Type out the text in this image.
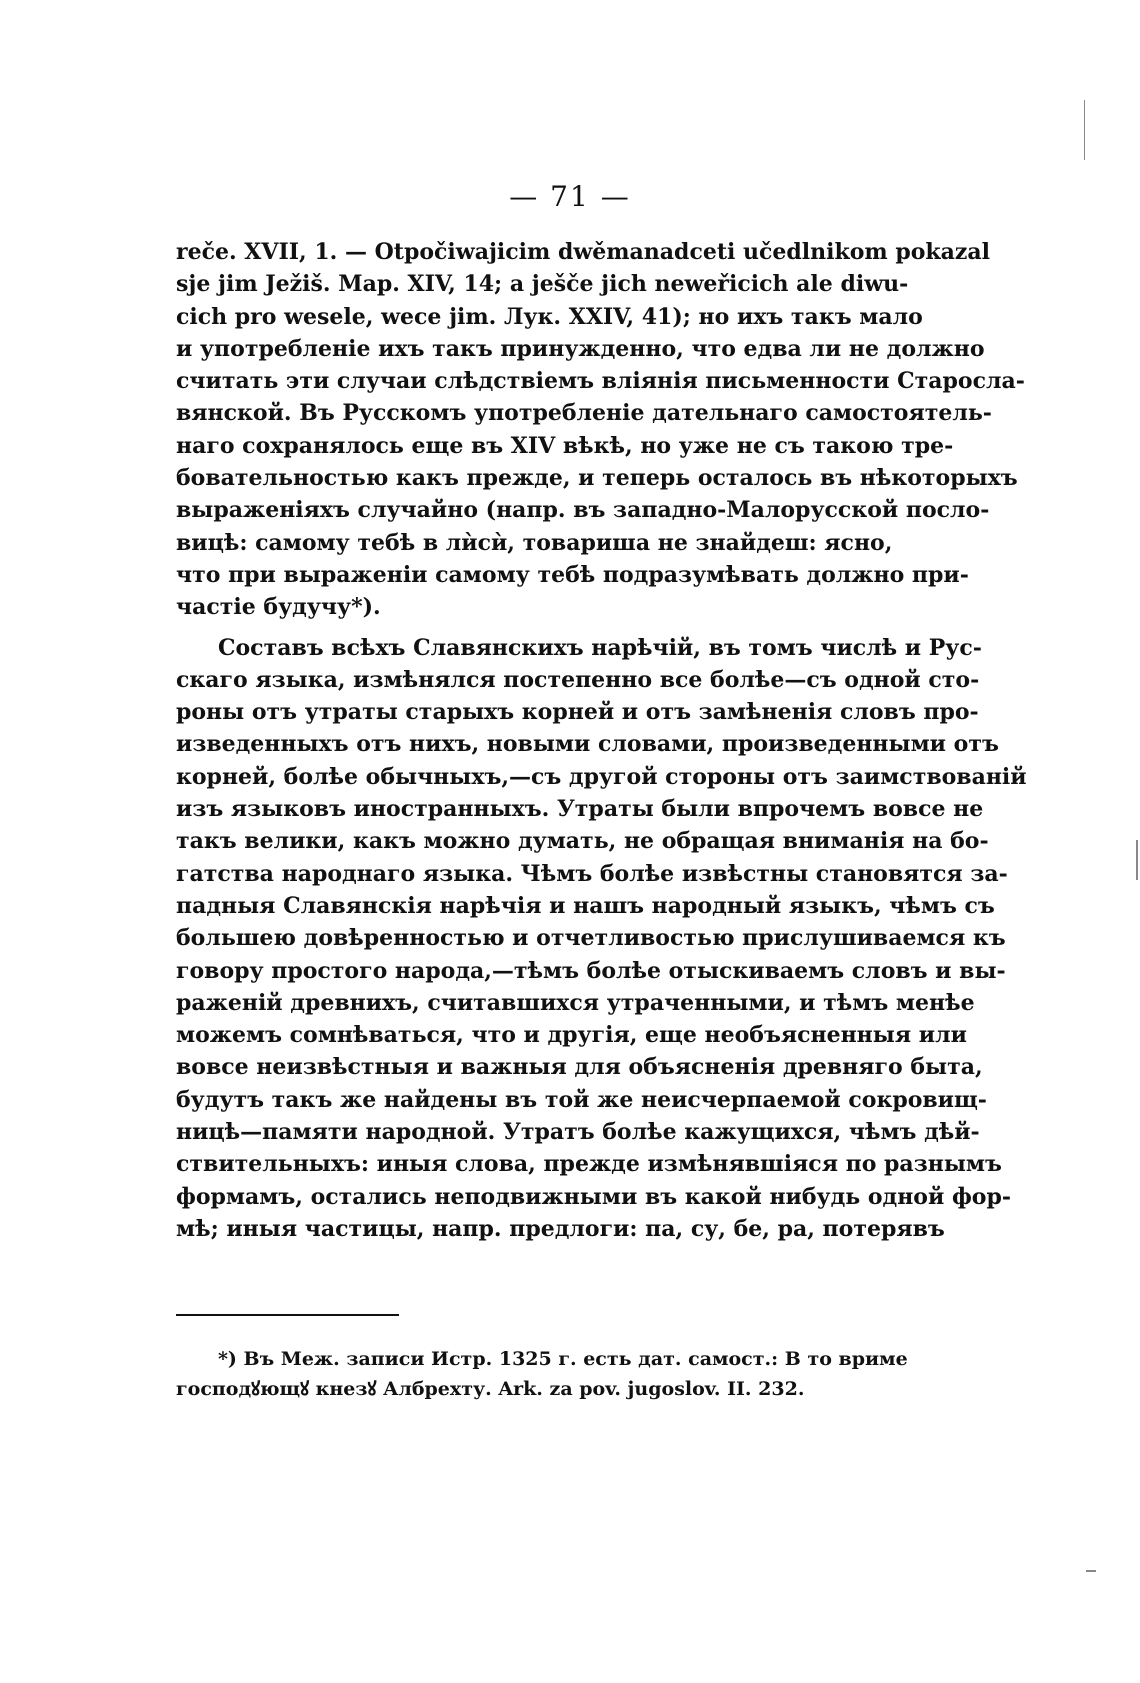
— 71 —
reče. XVII, 1. — Otpočiwajicim dwěmanadceti učedlnikom pokazal
sje jim Ježiš. Мар. XIV, 14; a ješče jich neweřicich ale diwu-
cich pro wesele, wece jim. Лук. XXIV, 41); но ихъ такъ мало
и употребленіе ихъ такъ принужденно, что едва ли не должно
считать эти случаи слѣдствіемъ вліянія письменности Старосла-
вянской. Въ Русскомъ употребленіе дательнаго самостоятель-
наго сохранялось еще въ XIV вѣкѣ, но уже не съ такою тре-
бовательностью какъ прежде, и теперь осталось въ нѣкоторыхъ
выраженіяхъ случайно (напр. въ западно-Малорусской посло-
вицѣ: самому тебѣ в лѝсѝ, товариша не знайдеш: ясно,
что при выраженіи самому тебѣ подразумѣвать должно при-
частіе будучу*).
Составъ всѣхъ Славянскихъ нарѣчій, въ томъ числѣ и Рус-
скаго языка, измѣнялся постепенно все болѣе—съ одной сто-
роны отъ утраты старыхъ корней и отъ замѣненія словъ про-
изведенныхъ отъ нихъ, новыми словами, произведенными отъ
корней, болѣе обычныхъ,—съ другой стороны отъ заимствованій
изъ языковъ иностранныхъ. Утраты были впрочемъ вовсе не
такъ велики, какъ можно думать, не обращая вниманія на бо-
гатства народнаго языка. Чѣмъ болѣе извѣстны становятся за-
падныя Славянскія нарѣчія и нашъ народный языкъ, чѣмъ съ
большею довѣренностью и отчетливостью прислушиваемся къ
говору простого народа,—тѣмъ болѣе отыскиваемъ словъ и вы-
раженій древнихъ, считавшихся утраченными, и тѣмъ менѣе
можемъ сомнѣваться, что и другія, еще необъясненныя или
вовсе неизвѣстныя и важныя для объясненія древняго быта,
будутъ такъ же найдены въ той же неисчерпаемой сокровищ-
ницѣ—памяти народной. Утратъ болѣе кажущихся, чѣмъ дѣй-
ствительныхъ: иныя слова, прежде измѣнявшіяся по разнымъ
формамъ, остались неподвижными въ какой нибудь одной фор-
мѣ; иныя частицы, напр. предлоги: па, су, бе, ра, потерявъ
*) Въ Меж. записи Истр. 1325 г. есть дат. самост.: В то вриме
господꙋющꙋ кнезꙋ Албрехту. Ark. za pov. jugoslov. II. 232.
